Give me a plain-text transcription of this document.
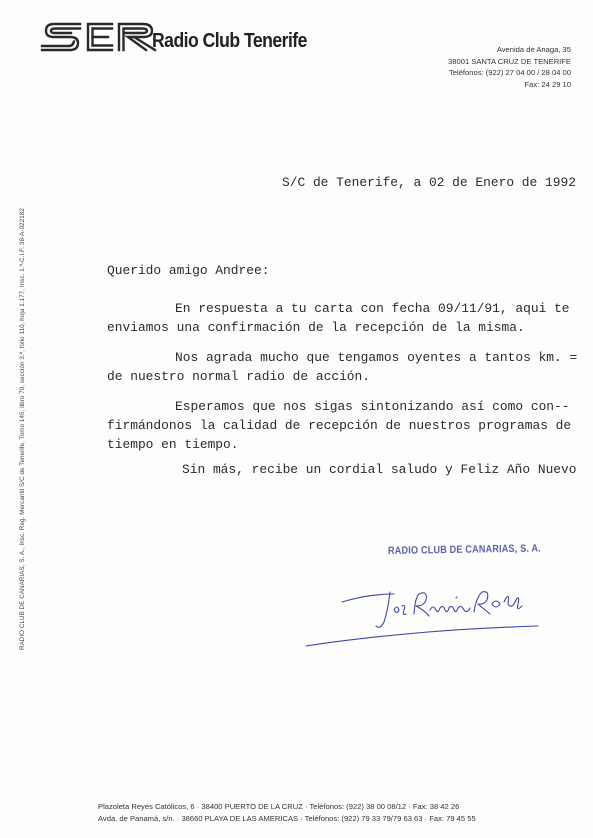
Radio Club Tenerife	Avenida de Anaga, 35
38001 SANTA CRUZ DE TENERIFE
Teléfonos: (922) 27 04 00 / 28 04 00
Fax: 24 29 10
RADIO CLUB DE CANARIAS, S. A., Insc. Reg. Mercantil S/C de Tenerife, Tomo 145, libro 70, sección 3.ª, folio 110, hoja 1.177, Insc. 1.ª-C.I.F. 38-A-022182
S/C de Tenerife, a 02 de Enero de 1992
Querido amigo Andree:
En respuesta a tu carta con fecha 09/11/91, aqui te
enviamos una confirmación de la recepción de la misma.
Nos agrada mucho que tengamos oyentes a tantos km. =
de nuestro normal radio de acción.
Esperamos que nos sigas sintonizando así como con--
firmándonos la calidad de recepción de nuestros programas de
tiempo en tiempo.
Sin más, recibe un cordial saludo y Feliz Año Nuevo
RADIO CLUB DE CANARIAS, S. A.
Plazoleta Reyes Católicos, 6 · 38400 PUERTO DE LA CRUZ · Teléfonos: (922) 38 00 08/12 · Fax: 38 42 26
Avda. de Panamá, s/n. · 38660 PLAYA DE LAS AMERICAS · Teléfonos: (922) 79 33 79/79 63 63 · Fax: 79 45 55
